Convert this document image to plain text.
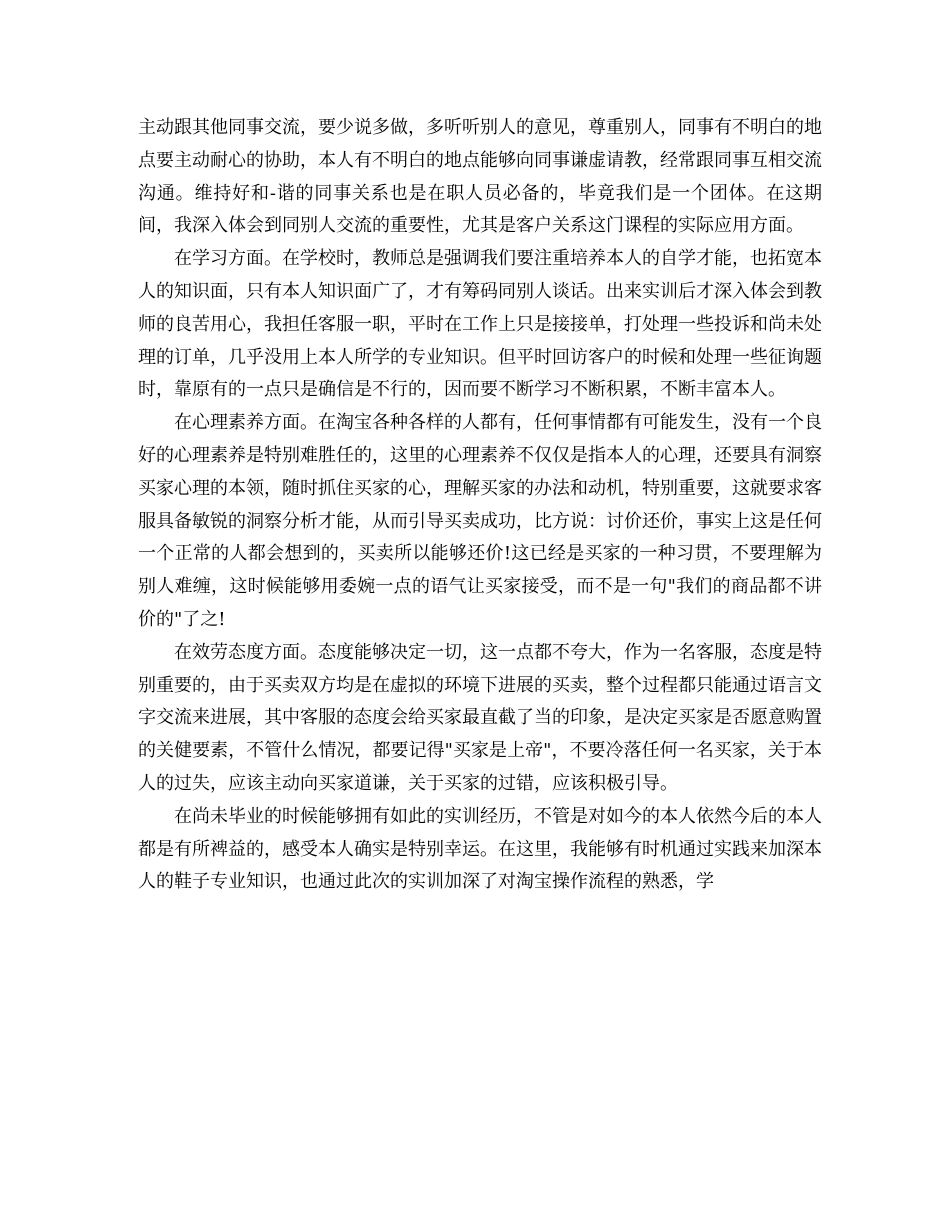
主动跟其他同事交流，要少说多做，多听听别人的意见，尊重别人，同事有不明白的地点要主动耐心的协助，本人有不明白的地点能够向同事谦虚请教，经常跟同事互相交流沟通。维持好和-谐的同事关系也是在职人员必备的，毕竟我们是一个团体。在这期间，我深入体会到同别人交流的重要性，尤其是客户关系这门课程的实际应用方面。

在学习方面。在学校时，教师总是强调我们要注重培养本人的自学才能，也拓宽本人的知识面，只有本人知识面广了，才有筹码同别人谈话。出来实训后才深入体会到教师的良苦用心，我担任客服一职，平时在工作上只是接接单，打处理一些投诉和尚未处理的订单，几乎没用上本人所学的专业知识。但平时回访客户的时候和处理一些征询题时，靠原有的一点只是确信是不行的，因而要不断学习不断积累，不断丰富本人。

在心理素养方面。在淘宝各种各样的人都有，任何事情都有可能发生，没有一个良好的心理素养是特别难胜任的，这里的心理素养不仅仅是指本人的心理，还要具有洞察买家心理的本领，随时抓住买家的心，理解买家的办法和动机，特别重要，这就要求客服具备敏锐的洞察分析才能，从而引导买卖成功，比方说：讨价还价，事实上这是任何一个正常的人都会想到的，买卖所以能够还价!这已经是买家的一种习贯，不要理解为别人难缠，这时候能够用委婉一点的语气让买家接受，而不是一句"我们的商品都不讲价的"了之!

在效劳态度方面。态度能够决定一切，这一点都不夸大，作为一名客服，态度是特别重要的，由于买卖双方均是在虚拟的环境下进展的买卖，整个过程都只能通过语言文字交流来进展，其中客服的态度会给买家最直截了当的印象，是决定买家是否愿意购置的关健要素，不管什么情况，都要记得"买家是上帝"，不要冷落任何一名买家，关于本人的过失，应该主动向买家道谦，关于买家的过错，应该积极引导。

在尚未毕业的时候能够拥有如此的实训经历，不管是对如今的本人依然今后的本人都是有所裨益的，感受本人确实是特别幸运。在这里，我能够有时机通过实践来加深本人的鞋子专业知识，也通过此次的实训加深了对淘宝操作流程的熟悉，学
